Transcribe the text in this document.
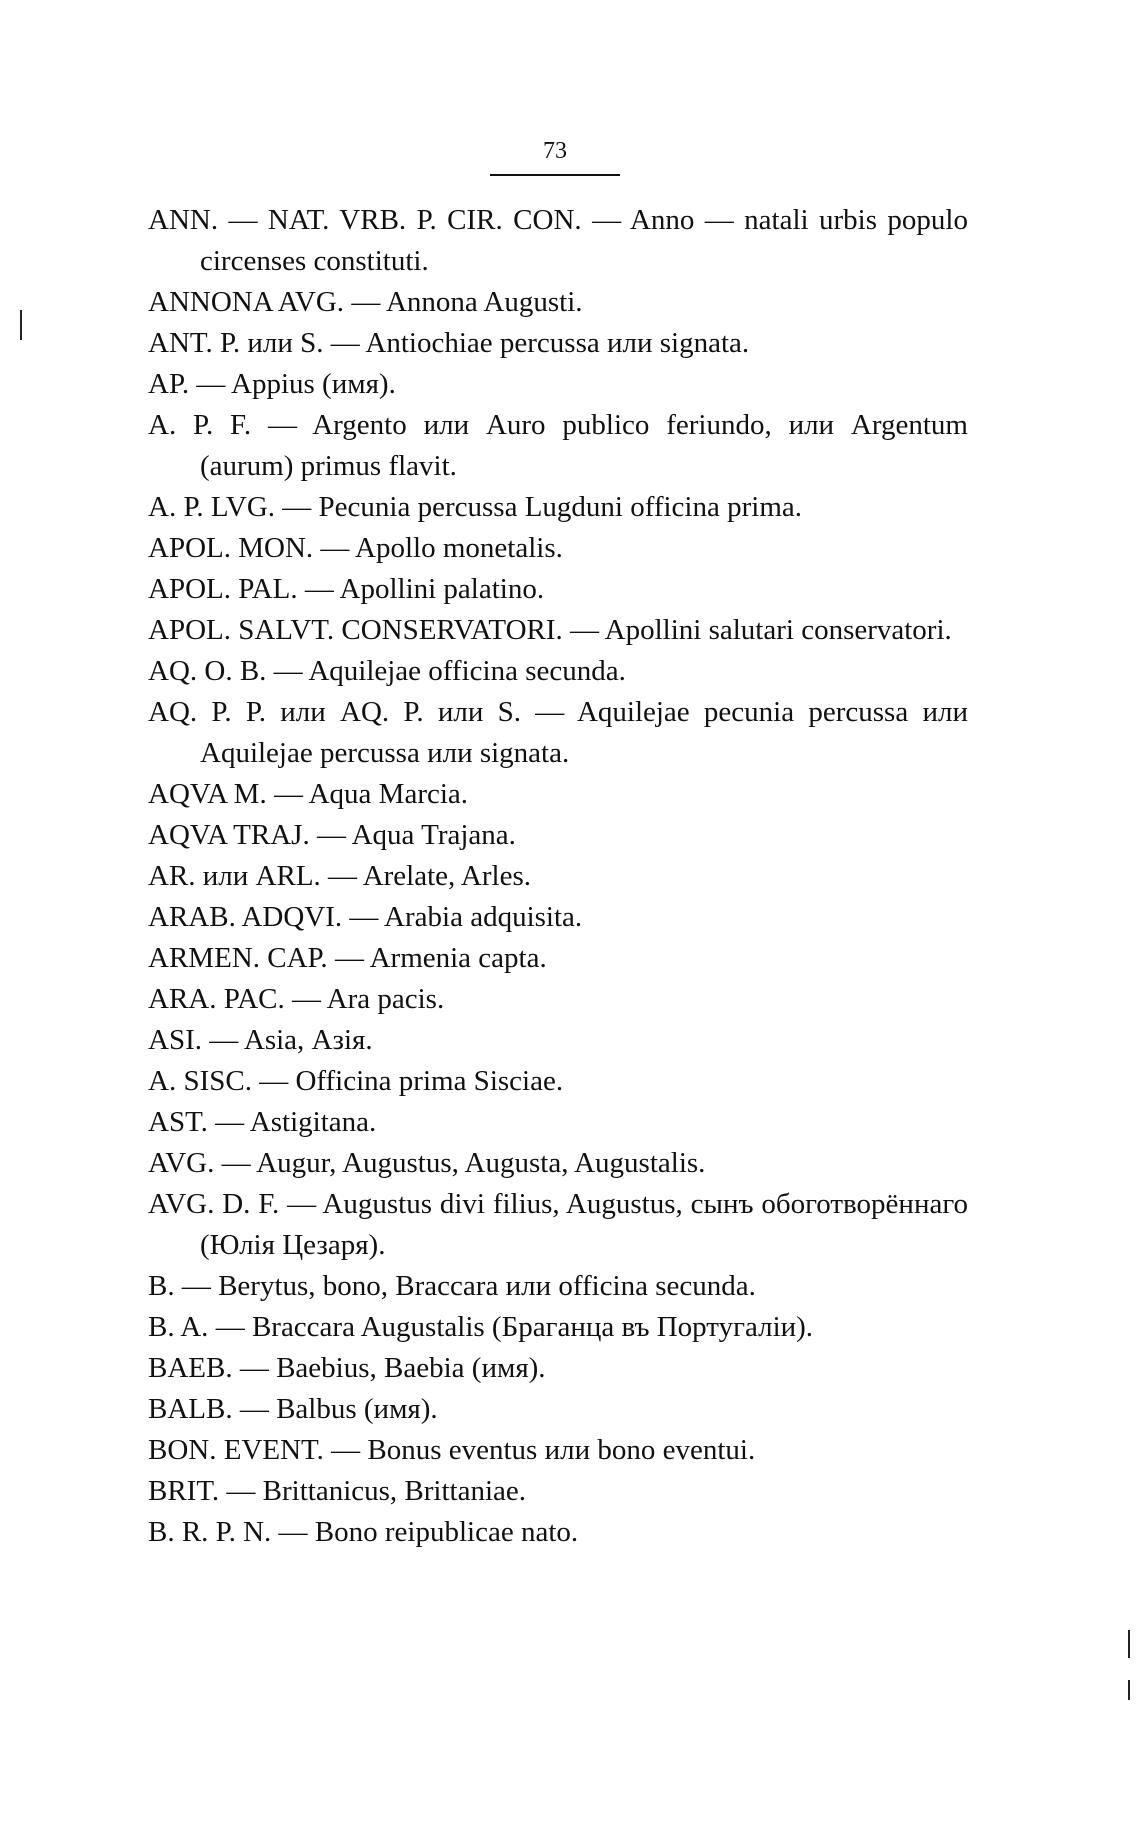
73

ANN. — NAT. VRB. P. CIR. CON. — Anno — natali urbis populo circenses constituti.

ANNONA AVG. — Annona Augusti.

ANT. P. или S. — Antiochiae percussa или signata.

AP. — Appius (имя).

A. P. F. — Argento или Auro publico feriundo, или Argentum (aurum) primus flavit.

A. P. LVG. — Pecunia percussa Lugduni officina prima.

APOL. MON. — Apollo monetalis.

APOL. PAL. — Apollini palatino.

APOL. SALVT. CONSERVATORI. — Apollini salutari conservatori.

AQ. O. B. — Aquilejae officina secunda.

AQ. P. P. или AQ. P. или S. — Aquilejae pecunia percussa или Aquilejae percussa или signata.

AQVA M. — Aqua Marcia.

AQVA TRAJ. — Aqua Trajana.

AR. или ARL. — Arelate, Arles.

ARAB. ADQVI. — Arabia adquisita.

ARMEN. CAP. — Armenia capta.

ARA. PAC. — Ara pacis.

ASI. — Asia, Азія.

A. SISC. — Officina prima Sisciae.

AST. — Astigitana.

AVG. — Augur, Augustus, Augusta, Augustalis.

AVG. D. F. — Augustus divi filius, Augustus, сынъ обоготворённаго (Юлія Цезаря).

B. — Berytus, bono, Braccara или officina secunda.

B. A. — Braccara Augustalis (Браганца въ Португаліи).

BAEB. — Baebius, Baebia (имя).

BALB. — Balbus (имя).

BON. EVENT. — Bonus eventus или bono eventui.

BRIT. — Brittanicus, Brittaniae.

B. R. P. N. — Bono reipublicae nato.
